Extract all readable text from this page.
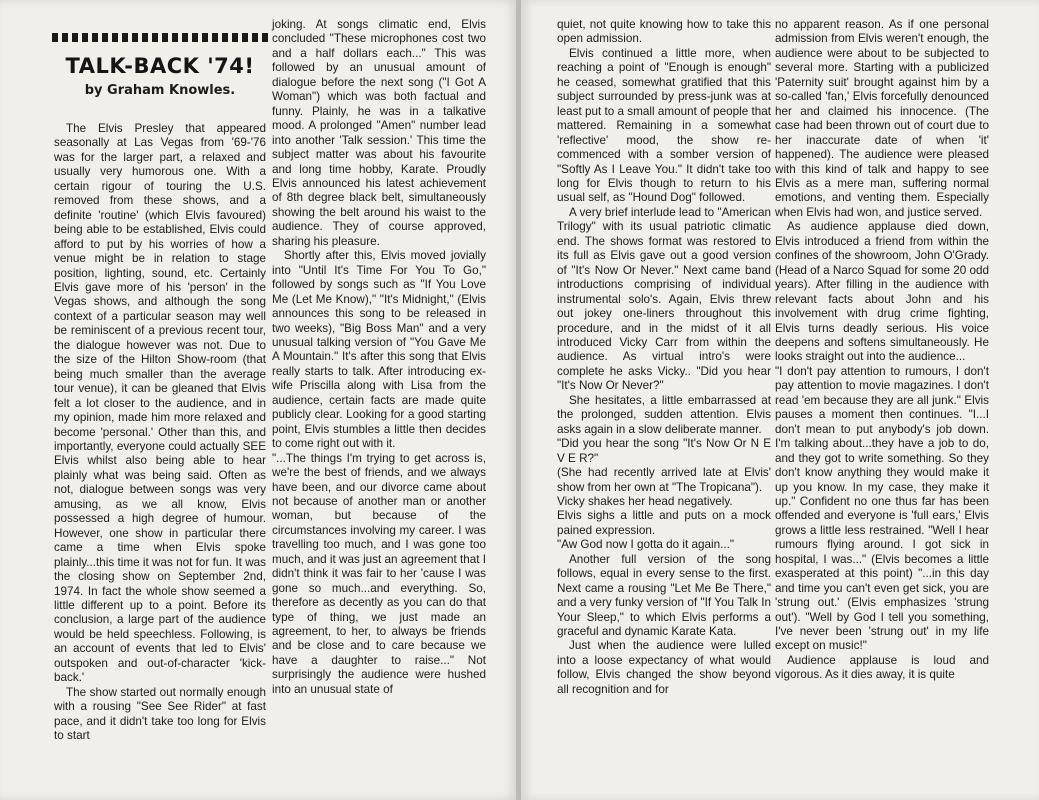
TALK-BACK '74!
by Graham Knowles.

The Elvis Presley that appeared seasonally at Las Vegas from '69-'76 was for the larger part, a relaxed and usually very humorous one. With a certain rigour of touring the U.S. removed from these shows, and a definite 'routine' (which Elvis favoured) being able to be established, Elvis could afford to put by his worries of how a venue might be in relation to stage position, lighting, sound, etc. Certainly Elvis gave more of his 'person' in the Vegas shows, and although the song context of a particular season may well be reminiscent of a previous recent tour, the dialogue however was not. Due to the size of the Hilton Show-room (that being much smaller than the average tour venue), it can be gleaned that Elvis felt a lot closer to the audience, and in my opinion, made him more relaxed and become 'personal.' Other than this, and importantly, everyone could actually SEE Elvis whilst also being able to hear plainly what was being said. Often as not, dialogue between songs was very amusing, as we all know, Elvis possessed a high degree of humour. However, one show in particular there came a time when Elvis spoke plainly...this time it was not for fun. It was the closing show on September 2nd, 1974. In fact the whole show seemed a little different up to a point. Before its conclusion, a large part of the audience would be held speechless. Following, is an account of events that led to Elvis' outspoken and out-of-character 'kick-back.'

The show started out normally enough with a rousing "See See Rider" at fast pace, and it didn't take too long for Elvis to start

joking. At songs climatic end, Elvis concluded "These microphones cost two and a half dollars each..." This was followed by an unusual amount of dialogue before the next song ("I Got A Woman") which was both factual and funny. Plainly, he was in a talkative mood. A prolonged "Amen" number lead into another 'Talk session.' This time the subject matter was about his favourite and long time hobby, Karate. Proudly Elvis announced his latest achievement of 8th degree black belt, simultaneously showing the belt around his waist to the audience. They of course approved, sharing his pleasure.

Shortly after this, Elvis moved jovially into "Until It's Time For You To Go," followed by songs such as "If You Love Me (Let Me Know)," "It's Midnight," (Elvis announces this song to be released in two weeks), "Big Boss Man" and a very unusual talking version of "You Gave Me A Mountain." It's after this song that Elvis really starts to talk. After introducing ex-wife Priscilla along with Lisa from the audience, certain facts are made quite publicly clear. Looking for a good starting point, Elvis stumbles a little then decides to come right out with it.

"...The things I'm trying to get across is, we're the best of friends, and we always have been, and our divorce came about not because of another man or another woman, but because of the circumstances involving my career. I was travelling too much, and I was gone too much, and it was just an agreement that I didn't think it was fair to her 'cause I was gone so much...and everything. So, therefore as decently as you can do that type of thing, we just made an agreement, to her, to always be friends and be close and to care because we have a daughter to raise..." Not surprisingly the audience were hushed into an unusual state of

quiet, not quite knowing how to take this open admission.

Elvis continued a little more, when reaching a point of "Enough is enough" he ceased, somewhat gratified that this subject surrounded by press-junk was at least put to a small amount of people that mattered. Remaining in a somewhat 'reflective' mood, the show re-commenced with a somber version of "Softly As I Leave You." It didn't take too long for Elvis though to return to his usual self, as "Hound Dog" followed.

A very brief interlude lead to "American Trilogy" with its usual patriotic climatic end. The shows format was restored to its full as Elvis gave out a good version of "It's Now Or Never." Next came band introductions comprising of individual instrumental solo's. Again, Elvis threw out jokey one-liners throughout this procedure, and in the midst of it all introduced Vicky Carr from within the audience. As virtual intro's were complete he asks Vicky.. "Did you hear "It's Now Or Never?"

She hesitates, a little embarrassed at the prolonged, sudden attention. Elvis asks again in a slow deliberate manner.

"Did you hear the song "It's Now Or N E V E R?"

(She had recently arrived late at Elvis' show from her own at "The Tropicana").

Vicky shakes her head negatively.

Elvis sighs a little and puts on a mock pained expression.

"Aw God now I gotta do it again..."

Another full version of the song follows, equal in every sense to the first. Next came a rousing "Let Me Be There," and a very funky version of "If You Talk In Your Sleep," to which Elvis performs a graceful and dynamic Karate Kata.

Just when the audience were lulled into a loose expectancy of what would follow, Elvis changed the show beyond all recognition and for

no apparent reason. As if one personal admission from Elvis weren't enough, the audience were about to be subjected to several more. Starting with a publicized 'Paternity suit' brought against him by a so-called 'fan,' Elvis forcefully denounced her and claimed his innocence. (The case had been thrown out of court due to her inaccurate date of when 'it' happened). The audience were pleased with this kind of talk and happy to see Elvis as a mere man, suffering normal emotions, and venting them. Especially when Elvis had won, and justice served.

As audience applause died down, Elvis introduced a friend from within the confines of the showroom, John O'Grady. (Head of a Narco Squad for some 20 odd years). After filling in the audience with relevant facts about John and his involvement with drug crime fighting, Elvis turns deadly serious. His voice deepens and softens simultaneously. He looks straight out into the audience...

"I don't pay attention to rumours, I don't pay attention to movie magazines. I don't read 'em because they are all junk." Elvis pauses a moment then continues. "I...I don't mean to put anybody's job down. I'm talking about...they have a job to do, and they got to write something. So they don't know anything they would make it up you know. In my case, they make it up." Confident no one thus far has been offended and everyone is 'full ears,' Elvis grows a little less restrained. "Well I hear rumours flying around. I got sick in hospital, I was..." (Elvis becomes a little exasperated at this point) "...in this day and time you can't even get sick, you are 'strung out.' (Elvis emphasizes 'strung out'). "Well by God I tell you something, I've never been 'strung out' in my life except on music!"

Audience applause is loud and vigorous. As it dies away, it is quite
